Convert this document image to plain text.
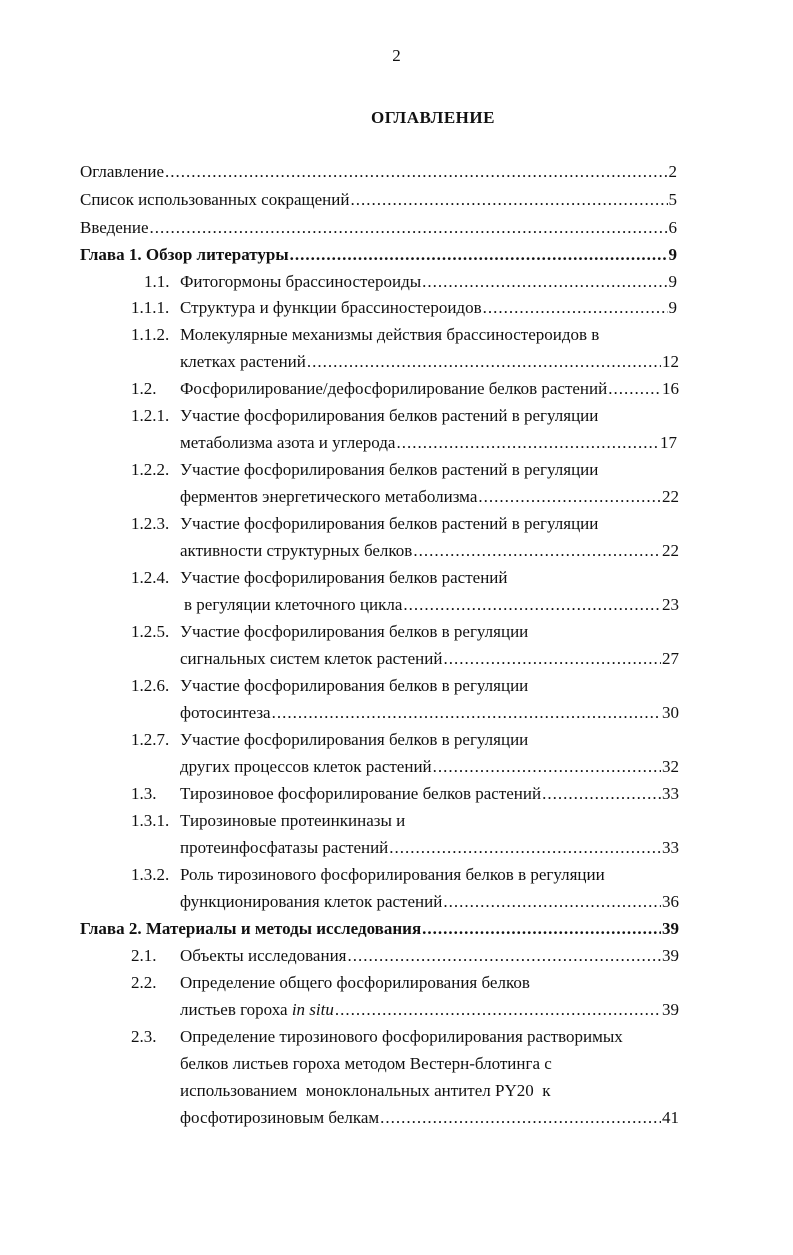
2
ОГЛАВЛЕНИЕ
Оглавление .....	2
Список использованных сокращений .....	5
Введение .....	6
Глава 1. Обзор литературы .....	9
1.1. Фитогормоны брассиностероиды .....	9
1.1.1. Структура и функции брассиностероидов .....	9
1.1.2. Молекулярные механизмы действия брассиностероидов в
клетках растений .....	12
1.2. Фосфорилирование/дефосфорилирование белков растений .....	16
1.2.1. Участие фосфорилирования белков растений в регуляции
метаболизма азота и углерода .....	17
1.2.2. Участие фосфорилирования белков растений в регуляции
ферментов энергетического метаболизма .....	22
1.2.3. Участие фосфорилирования белков растений в регуляции
активности структурных белков .....	22
1.2.4. Участие фосфорилирования белков растений
в регуляции клеточного цикла .....	23
1.2.5. Участие фосфорилирования белков в регуляции
сигнальных систем клеток растений .....	27
1.2.6. Участие фосфорилирования белков в регуляции
фотосинтеза .....	30
1.2.7. Участие фосфорилирования белков в регуляции
других процессов клеток растений .....	32
1.3. Тирозиновое фосфорилирование белков растений .....	33
1.3.1. Тирозиновые протеинкиназы и
протеинфосфатазы растений .....	33
1.3.2. Роль тирозинового фосфорилирования белков в регуляции
функционирования клеток растений .....	36
Глава 2. Материалы и методы исследования .....	39
2.1. Объекты исследования .....	39
2.2. Определение общего фосфорилирования белков
листьев гороха in situ .....	39
2.3. Определение тирозинового фосфорилирования растворимых
белков листьев гороха методом Вестерн-блотинга с
использованием  моноклональных антител PY20  к
фосфотирозиновым белкам .....	41
